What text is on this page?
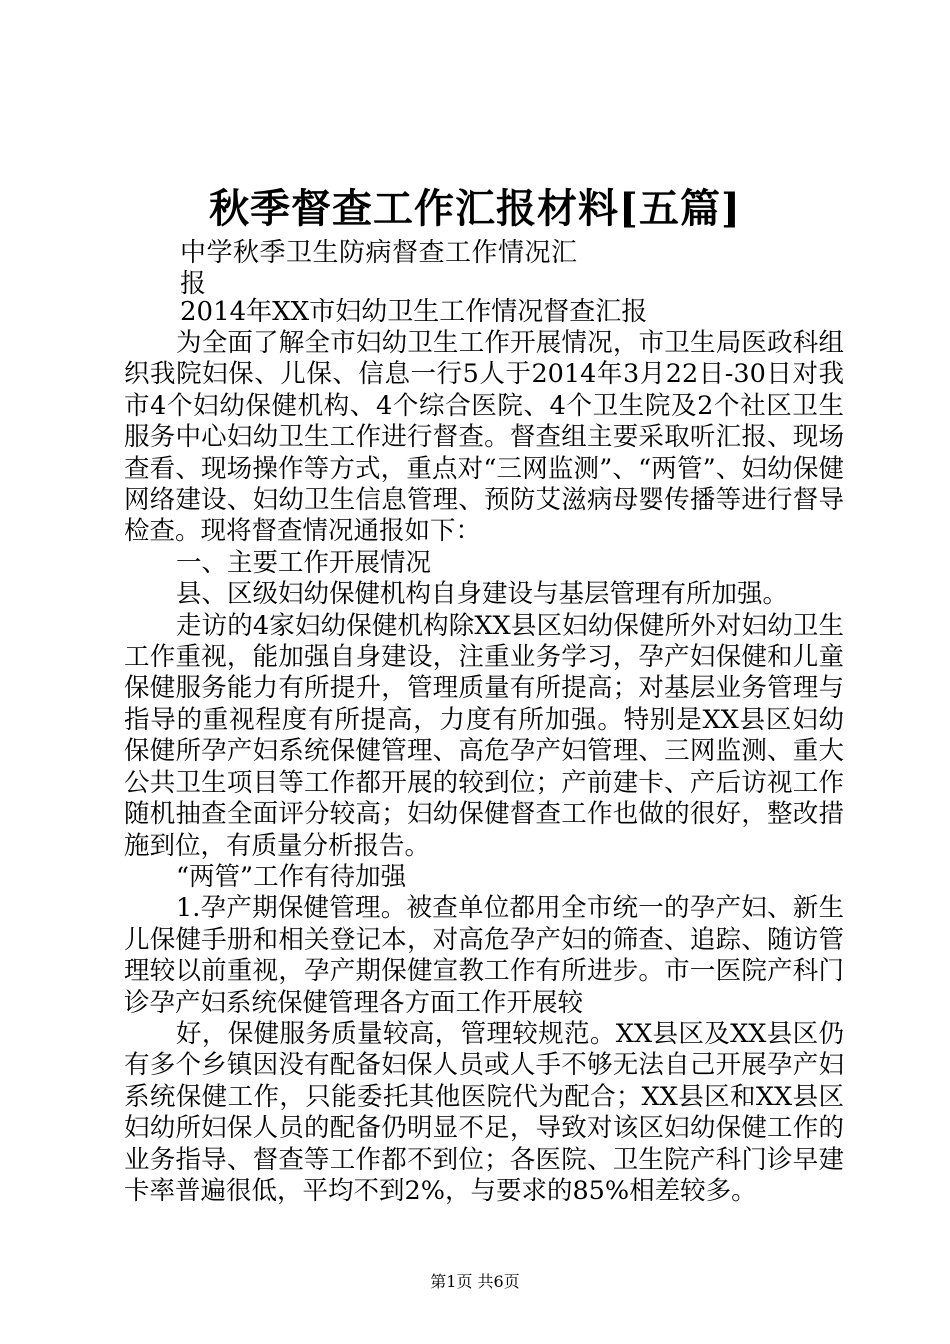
秋季督查工作汇报材料[五篇]
中学秋季卫生防病督查工作情况汇报
2014年XX市妇幼卫生工作情况督查汇报

为全面了解全市妇幼卫生工作开展情况，市卫生局医政科组织我院妇保、儿保、信息一行5人于2014年3月22日-30日对我市4个妇幼保健机构、4个综合医院、4个卫生院及2个社区卫生服务中心妇幼卫生工作进行督查。督查组主要采取听汇报、现场查看、现场操作等方式，重点对“三网监测”、“两管”、妇幼保健网络建设、妇幼卫生信息管理、预防艾滋病母婴传播等进行督导检查。现将督查情况通报如下：

一、主要工作开展情况

县、区级妇幼保健机构自身建设与基层管理有所加强。

走访的4家妇幼保健机构除XX县区妇幼保健所外对妇幼卫生工作重视，能加强自身建设，注重业务学习，孕产妇保健和儿童保健服务能力有所提升，管理质量有所提高；对基层业务管理与指导的重视程度有所提高，力度有所加强。特别是XX县区妇幼保健所孕产妇系统保健管理、高危孕产妇管理、三网监测、重大公共卫生项目等工作都开展的较到位；产前建卡、产后访视工作随机抽查全面评分较高；妇幼保健督查工作也做的很好，整改措施到位，有质量分析报告。

“两管”工作有待加强

1.孕产期保健管理。被查单位都用全市统一的孕产妇、新生儿保健手册和相关登记本，对高危孕产妇的筛查、追踪、随访管理较以前重视，孕产期保健宣教工作有所进步。市一医院产科门诊孕产妇系统保健管理各方面工作开展较

好，保健服务质量较高，管理较规范。XX县区及XX县区仍有多个乡镇因没有配备妇保人员或人手不够无法自己开展孕产妇系统保健工作，只能委托其他医院代为配合；XX县区和XX县区妇幼所妇保人员的配备仍明显不足，导致对该区妇幼保健工作的业务指导、督查等工作都不到位；各医院、卫生院产科门诊早建卡率普遍很低，平均不到2%，与要求的85%相差较多。

第1页 共6页
